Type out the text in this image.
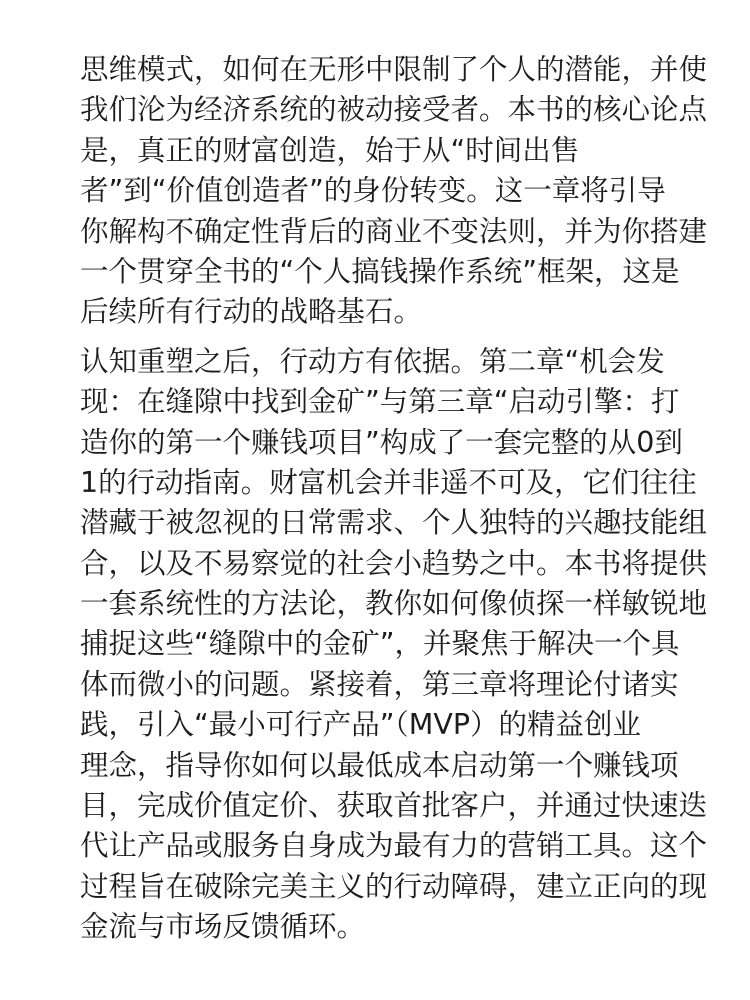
思维模式，如何在无形中限制了个人的潜能，并使
我们沦为经济系统的被动接受者。本书的核心论点
是，真正的财富创造，始于从“时间出售
者”到“价值创造者”的身份转变。这一章将引导
你解构不确定性背后的商业不变法则，并为你搭建
一个贯穿全书的“个人搞钱操作系统”框架，这是
后续所有行动的战略基石。
认知重塑之后，行动方有依据。第二章“机会发
现：在缝隙中找到金矿”与第三章“启动引擎：打
造你的第一个赚钱项目”构成了一套完整的从0到
1的行动指南。财富机会并非遥不可及，它们往往
潜藏于被忽视的日常需求、个人独特的兴趣技能组
合，以及不易察觉的社会小趋势之中。本书将提供
一套系统性的方法论，教你如何像侦探一样敏锐地
捕捉这些“缝隙中的金矿”，并聚焦于解决一个具
体而微小的问题。紧接着，第三章将理论付诸实
践，引入“最小可行产品”（MVP）的精益创业
理念，指导你如何以最低成本启动第一个赚钱项
目，完成价值定价、获取首批客户，并通过快速迭
代让产品或服务自身成为最有力的营销工具。这个
过程旨在破除完美主义的行动障碍，建立正向的现
金流与市场反馈循环。
